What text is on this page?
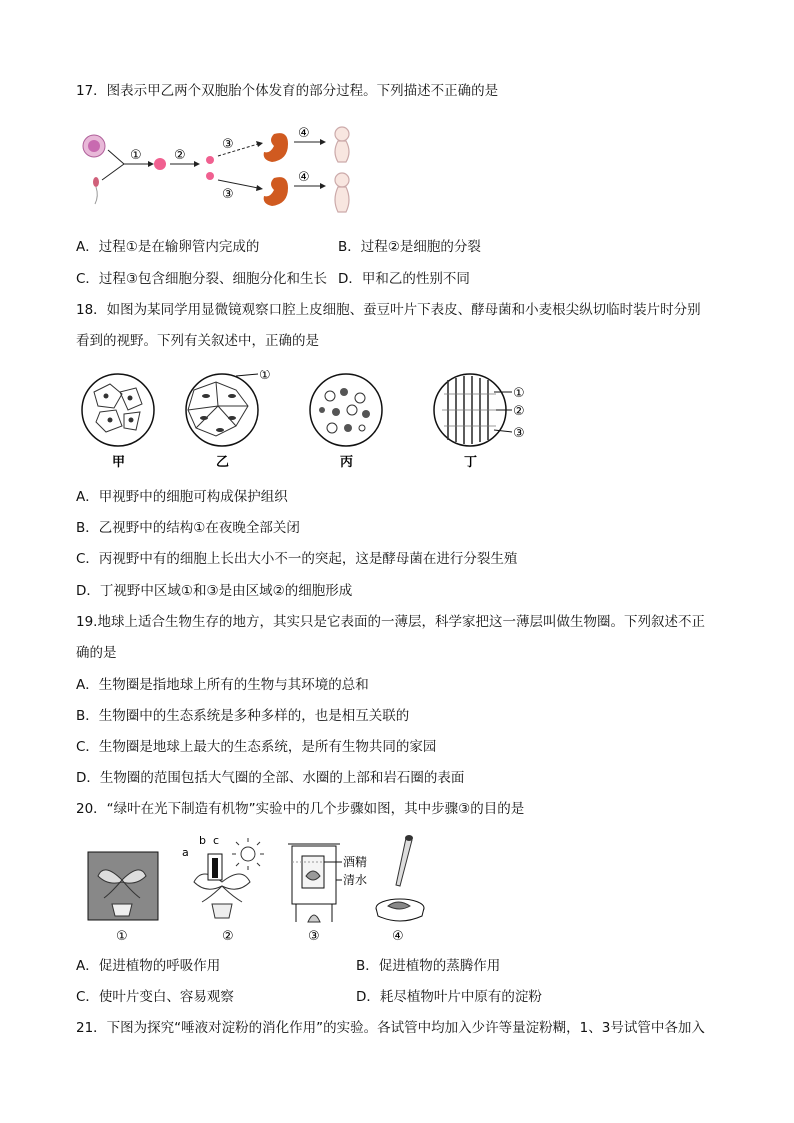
17．图表示甲乙两个双胞胎个体发育的部分过程。下列描述不正确的是
① ②
③
④
③
④
A．过程①是在输卵管内完成的	B．过程②是细胞的分裂
C．过程③包含细胞分裂、细胞分化和生长 D．甲和乙的性别不同
18．如图为某同学用显微镜观察口腔上皮细胞、蚕豆叶片下表皮、酵母菌和小麦根尖纵切临时装片时分别
看到的视野。下列有关叙述中，正确的是
甲
①
乙	丙
①
②
③
丁
A．甲视野中的细胞可构成保护组织
B．乙视野中的结构①在夜晚全部关闭
C．丙视野中有的细胞上长出大小不一的突起，这是酵母菌在进行分裂生殖
D．丁视野中区域①和③是由区域②的细胞形成
19.地球上适合生物生存的地方，其实只是它表面的一薄层，科学家把这一薄层叫做生物圈。下列叙述不正
确的是
A．生物圈是指地球上所有的生物与其环境的总和
B．生物圈中的生态系统是多种多样的，也是相互关联的
C．生物圈是地球上最大的生态系统，是所有生物共同的家园
D．生物圈的范围包括大气圈的全部、水圈的上部和岩石圈的表面
20．“绿叶在光下制造有机物”实验中的几个步骤如图，其中步骤③的目的是
①
a
b c
②
酒精
清水
③	④
A．促进植物的呼吸作用	B．促进植物的蒸腾作用
C．使叶片变白、容易观察	D．耗尽植物叶片中原有的淀粉
21．下图为探究“唾液对淀粉的消化作用”的实验。各试管中均加入少许等量淀粉糊，1、3号试管中各加入
